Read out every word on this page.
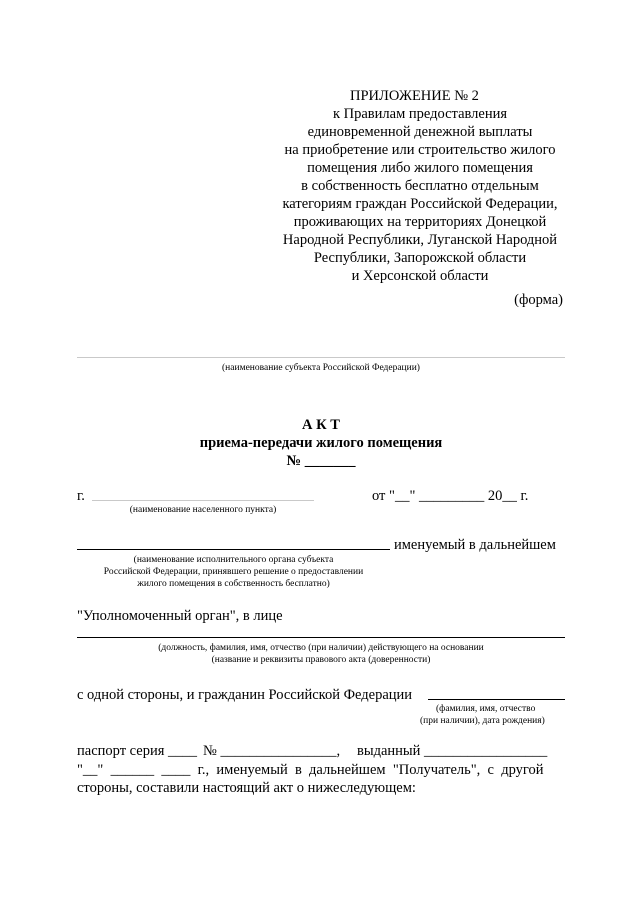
ПРИЛОЖЕНИЕ № 2
к Правилам предоставления
единовременной денежной выплаты
на приобретение или строительство жилого
помещения либо жилого помещения
в собственность бесплатно отдельным
категориям граждан Российской Федерации,
проживающих на территориях Донецкой
Народной Республики, Луганской Народной
Республики, Запорожской области
и Херсонской области
(форма)
(наименование субъекта Российской Федерации)
А К Т
приема-передачи жилого помещения
№ _______
г.
(наименование населенного пункта)
от "__" _________ 20__ г.
именуемый в дальнейшем
(наименование исполнительного органа субъекта
Российской Федерации, принявшего решение о предоставлении
жилого помещения в собственность бесплатно)
"Уполномоченный орган", в лице
(должность, фамилия, имя, отчество (при наличии) действующего на основании
(название и реквизиты правового акта (доверенности)
с одной стороны, и гражданин Российской Федерации
(фамилия, имя, отчество
(при наличии), дата рождения)
паспорт серия ____ № ________________, выданный _________________
"__"  ______  ____  г.,  именуемый  в  дальнейшем  "Получатель",  с  другой
стороны, составили настоящий акт о нижеследующем:
